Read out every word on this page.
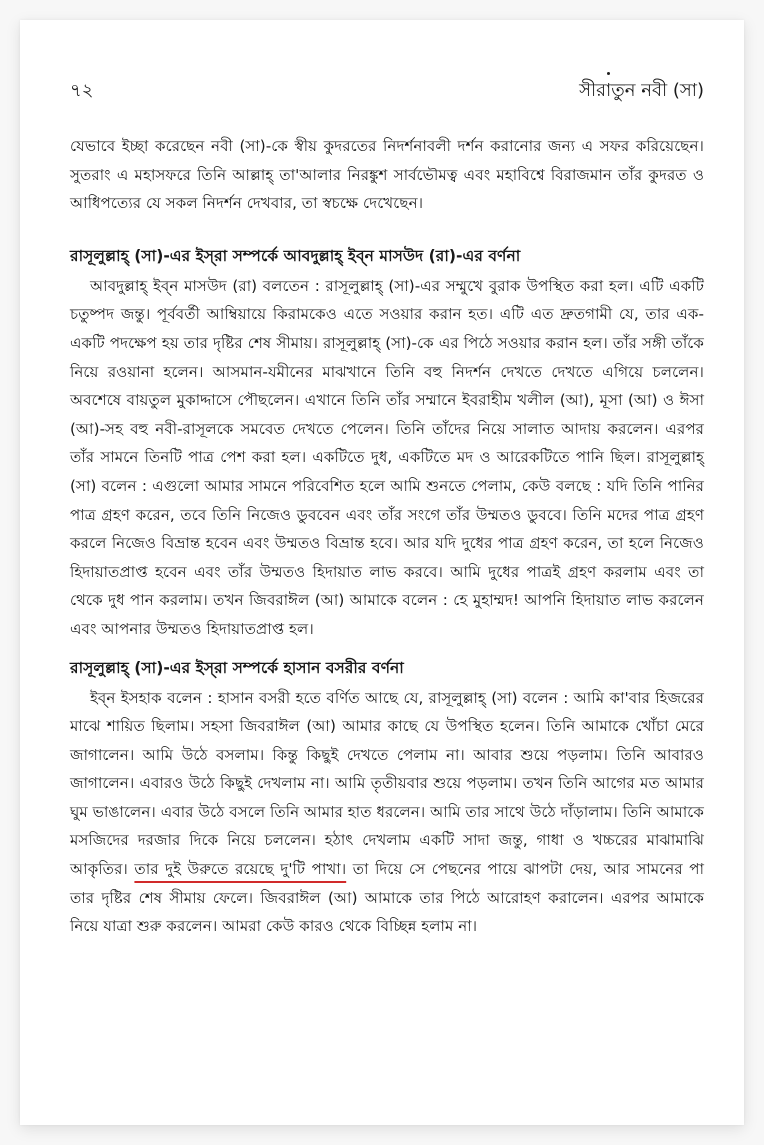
৭২	সীরাতুন নবী (সা)

যেভাবে ইচ্ছা করেছেন নবী (সা)-কে স্বীয় কুদরতের নিদর্শনাবলী দর্শন করানোর জন্য এ সফর করিয়েছেন। সুতরাং এ মহাসফরে তিনি আল্লাহ্ তা'আলার নিরঙ্কুশ সার্বভৌমত্ব এবং মহাবিশ্বে বিরাজমান তাঁর কুদরত ও আধিপত্যের যে সকল নিদর্শন দেখবার, তা স্বচক্ষে দেখেছেন।

রাসূলুল্লাহ্ (সা)-এর ইস্‌রা সম্পর্কে আবদুল্লাহ্ ইব্‌ন মাসউদ (রা)-এর বর্ণনা

আবদুল্লাহ্ ইব্‌ন মাসউদ (রা) বলতেন : রাসূলুল্লাহ্ (সা)-এর সম্মুখে বুরাক উপস্থিত করা হল। এটি একটি চতুষ্পদ জন্তু। পূর্ববর্তী আম্বিয়ায়ে কিরামকেও এতে সওয়ার করান হত। এটি এত দ্রুতগামী যে, তার এক-একটি পদক্ষেপ হয় তার দৃষ্টির শেষ সীমায়। রাসূলুল্লাহ্ (সা)-কে এর পিঠে সওয়ার করান হল। তাঁর সঙ্গী তাঁকে নিয়ে রওয়ানা হলেন। আসমান-যমীনের মাঝখানে তিনি বহু নিদর্শন দেখতে দেখতে এগিয়ে চললেন। অবশেষে বায়তুল মুকাদ্দাসে পৌছলেন। এখানে তিনি তাঁর সম্মানে ইবরাহীম খলীল (আ), মূসা (আ) ও ঈসা (আ)-সহ বহু নবী-রাসূলকে সমবেত দেখতে পেলেন। তিনি তাঁদের নিয়ে সালাত আদায় করলেন। এরপর তাঁর সামনে তিনটি পাত্র পেশ করা হল। একটিতে দুধ, একটিতে মদ ও আরেকটিতে পানি ছিল। রাসূলুল্লাহ্ (সা) বলেন : এগুলো আমার সামনে পরিবেশিত হলে আমি শুনতে পেলাম, কেউ বলছে : যদি তিনি পানির পাত্র গ্রহণ করেন, তবে তিনি নিজেও ডুববেন এবং তাঁর সংগে তাঁর উম্মতও ডুববে। তিনি মদের পাত্র গ্রহণ করলে নিজেও বিভ্রান্ত হবেন এবং উম্মতও বিভ্রান্ত হবে। আর যদি দুধের পাত্র গ্রহণ করেন, তা হলে নিজেও হিদায়াতপ্রাপ্ত হবেন এবং তাঁর উম্মতও হিদায়াত লাভ করবে। আমি দুধের পাত্রই গ্রহণ করলাম এবং তা থেকে দুধ পান করলাম। তখন জিবরাঈল (আ) আমাকে বলেন : হে মুহাম্মদ! আপনি হিদায়াত লাভ করলেন এবং আপনার উম্মতও হিদায়াতপ্রাপ্ত হল।

রাসূলুল্লাহ্ (সা)-এর ইস্‌রা সম্পর্কে হাসান বসরীর বর্ণনা

ইব্‌ন ইসহাক বলেন : হাসান বসরী হতে বর্ণিত আছে যে, রাসূলুল্লাহ্ (সা) বলেন : আমি কা'বার হিজরের মাঝে শায়িত ছিলাম। সহসা জিবরাঈল (আ) আমার কাছে যে উপস্থিত হলেন। তিনি আমাকে খোঁচা মেরে জাগালেন। আমি উঠে বসলাম। কিন্তু কিছুই দেখতে পেলাম না। আবার শুয়ে পড়লাম। তিনি আবারও জাগালেন। এবারও উঠে কিছুই দেখলাম না। আমি তৃতীয়বার শুয়ে পড়লাম। তখন তিনি আগের মত আমার ঘুম ভাঙালেন। এবার উঠে বসলে তিনি আমার হাত ধরলেন। আমি তার সাথে উঠে দাঁড়ালাম। তিনি আমাকে মসজিদের দরজার দিকে নিয়ে চললেন। হঠাৎ দেখলাম একটি সাদা জন্তু, গাধা ও খচ্চরের মাঝামাঝি আকৃতির। তার দুই উরুতে রয়েছে দু'টি পাখা। তা দিয়ে সে পেছনের পায়ে ঝাপটা দেয়, আর সামনের পা তার দৃষ্টির শেষ সীমায় ফেলে। জিবরাঈল (আ) আমাকে তার পিঠে আরোহণ করালেন। এরপর আমাকে নিয়ে যাত্রা শুরু করলেন। আমরা কেউ কারও থেকে বিচ্ছিন্ন হলাম না।
